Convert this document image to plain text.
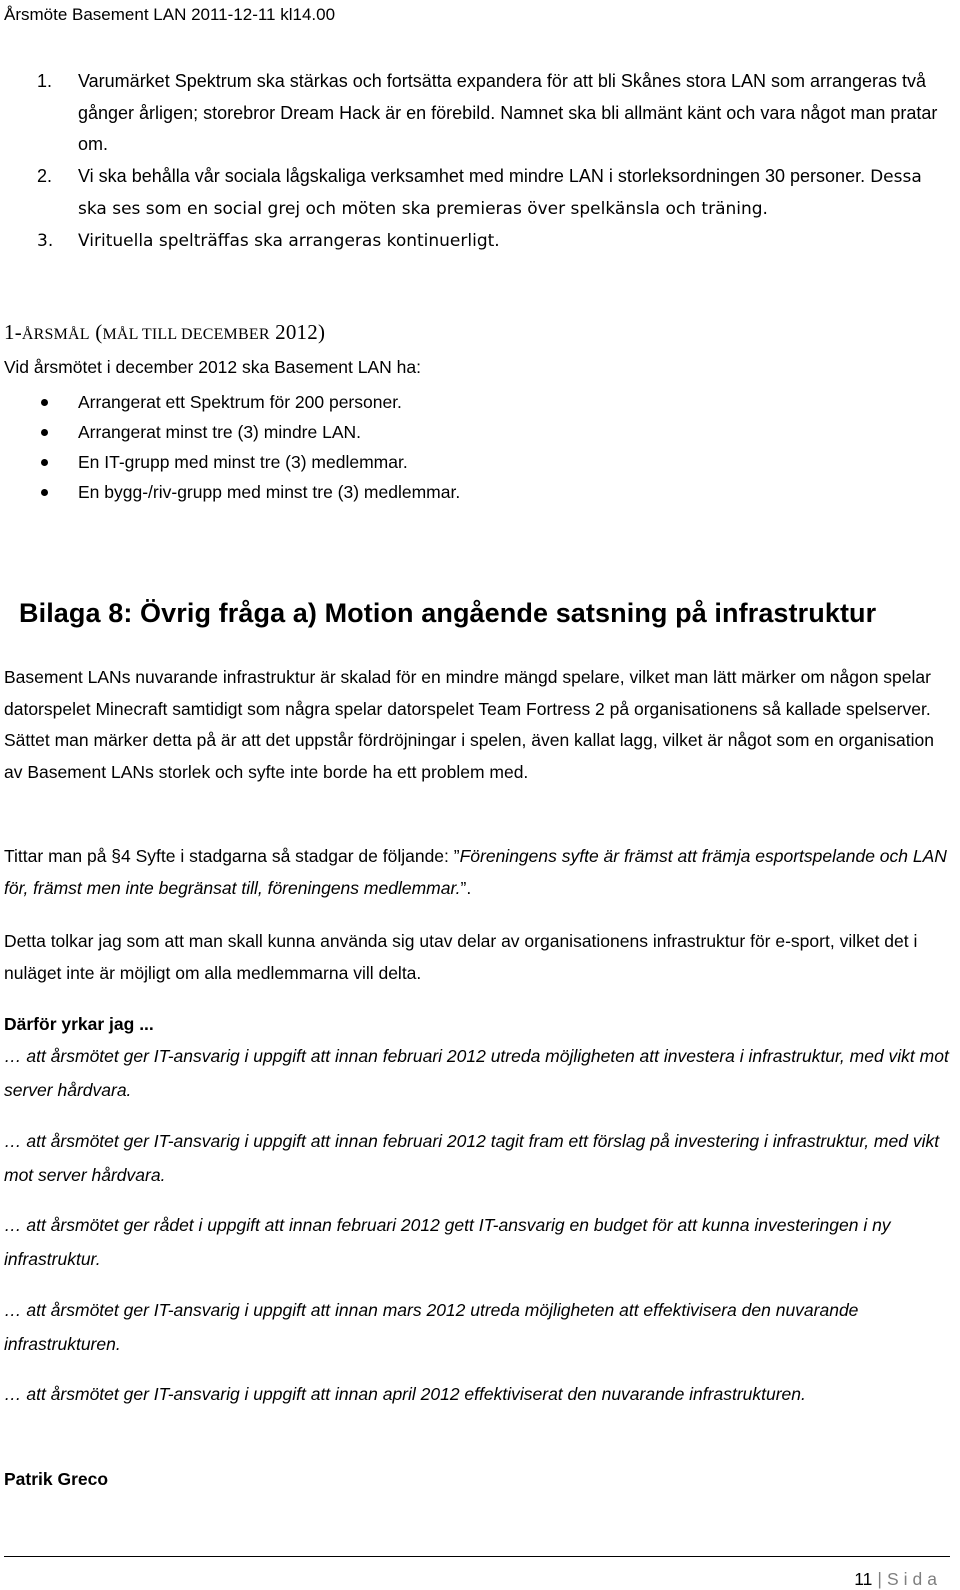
Årsmöte Basement LAN 2011-12-11 kl14.00
1. Varumärket Spektrum ska stärkas och fortsätta expandera för att bli Skånes stora LAN som arrangeras två gånger årligen; storebror Dream Hack är en förebild. Namnet ska bli allmänt känt och vara något man pratar om.
2. Vi ska behålla vår sociala lågskaliga verksamhet med mindre LAN i storleksordningen 30 personer. Dessa ska ses som en social grej och möten ska premieras över spelkänsla och träning.
3. Virituella spelträffas ska arrangeras kontinuerligt.
1-ÅRSMÅL (MÅL TILL DECEMBER 2012)
Vid årsmötet i december 2012 ska Basement LAN ha:
Arrangerat ett Spektrum för 200 personer.
Arrangerat minst tre (3) mindre LAN.
En IT-grupp med minst tre (3) medlemmar.
En bygg-/riv-grupp med minst tre (3) medlemmar.
Bilaga 8: Övrig fråga a) Motion angående satsning på infrastruktur
Basement LANs nuvarande infrastruktur är skalad för en mindre mängd spelare, vilket man lätt märker om någon spelar datorspelet Minecraft samtidigt som några spelar datorspelet Team Fortress 2 på organisationens så kallade spelserver. Sättet man märker detta på är att det uppstår fördröjningar i spelen, även kallat lagg, vilket är något som en organisation av Basement LANs storlek och syfte inte borde ha ett problem med.
Tittar man på §4 Syfte i stadgarna så stadgar de följande: ”Föreningens syfte är främst att främja esportspelande och LAN för, främst men inte begränsat till, föreningens medlemmar.”.
Detta tolkar jag som att man skall kunna använda sig utav delar av organisationens infrastruktur för e-sport, vilket det i nuläget inte är möjligt om alla medlemmarna vill delta.
Därför yrkar jag ...
… att årsmötet ger IT-ansvarig i uppgift att innan februari 2012 utreda möjligheten att investera i infrastruktur, med vikt mot server hårdvara.
… att årsmötet ger IT-ansvarig i uppgift att innan februari 2012 tagit fram ett förslag på investering i infrastruktur, med vikt mot server hårdvara.
… att årsmötet ger rådet i uppgift att innan februari 2012 gett IT-ansvarig en budget för att kunna investeringen i ny infrastruktur.
… att årsmötet ger IT-ansvarig i uppgift att innan mars 2012 utreda möjligheten att effektivisera den nuvarande infrastrukturen.
… att årsmötet ger IT-ansvarig i uppgift att innan april 2012 effektiviserat den nuvarande infrastrukturen.
Patrik Greco
11 | Sida
